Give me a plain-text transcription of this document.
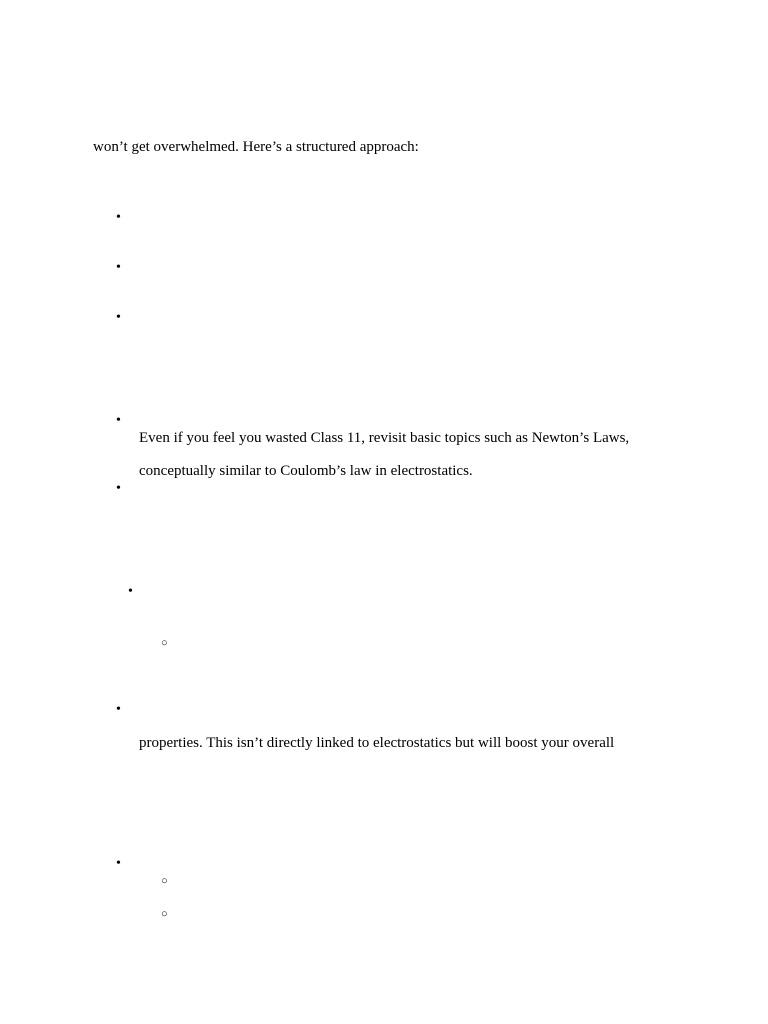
won’t get overwhelmed. Here’s a structured approach:
•
•
•
•
Even if you feel you wasted Class 11, revisit basic topics such as Newton’s Laws,
conceptually similar to Coulomb’s law in electrostatics.
•
•
○
•
properties. This isn’t directly linked to electrostatics but will boost your overall
•
○
○
